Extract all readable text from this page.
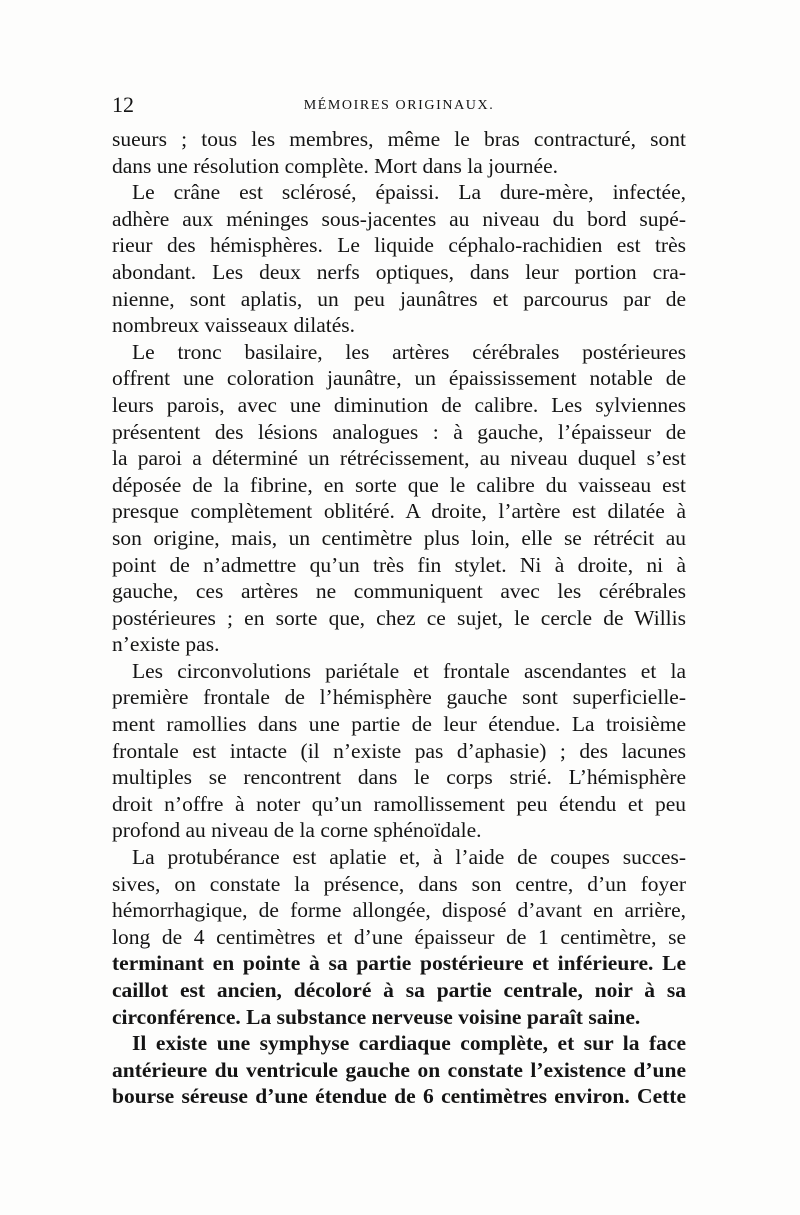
12	MÉMOIRES ORIGINAUX.
sueurs ; tous les membres, même le bras contracturé, sont
dans une résolution complète. Mort dans la journée.
Le crâne est sclérosé, épaissi. La dure-mère, infectée,
adhère aux méninges sous-jacentes au niveau du bord supé-
rieur des hémisphères. Le liquide céphalo-rachidien est très
abondant. Les deux nerfs optiques, dans leur portion cra-
nienne, sont aplatis, un peu jaunâtres et parcourus par de
nombreux vaisseaux dilatés.
Le tronc basilaire, les artères cérébrales postérieures
offrent une coloration jaunâtre, un épaississement notable de
leurs parois, avec une diminution de calibre. Les sylviennes
présentent des lésions analogues : à gauche, l’épaisseur de
la paroi a déterminé un rétrécissement, au niveau duquel s’est
déposée de la fibrine, en sorte que le calibre du vaisseau est
presque complètement oblitéré. A droite, l’artère est dilatée à
son origine, mais, un centimètre plus loin, elle se rétrécit au
point de n’admettre qu’un très fin stylet. Ni à droite, ni à
gauche, ces artères ne communiquent avec les cérébrales
postérieures ; en sorte que, chez ce sujet, le cercle de Willis
n’existe pas.
Les circonvolutions pariétale et frontale ascendantes et la
première frontale de l’hémisphère gauche sont superficielle-
ment ramollies dans une partie de leur étendue. La troisième
frontale est intacte (il n’existe pas d’aphasie) ; des lacunes
multiples se rencontrent dans le corps strié. L’hémisphère
droit n’offre à noter qu’un ramollissement peu étendu et peu
profond au niveau de la corne sphénoïdale.
La protubérance est aplatie et, à l’aide de coupes succes-
sives, on constate la présence, dans son centre, d’un foyer
hémorrhagique, de forme allongée, disposé d’avant en arrière,
long de 4 centimètres et d’une épaisseur de 1 centimètre, se
terminant en pointe à sa partie postérieure et inférieure. Le
caillot est ancien, décoloré à sa partie centrale, noir à sa
circonférence. La substance nerveuse voisine paraît saine.
Il existe une symphyse cardiaque complète, et sur la face
antérieure du ventricule gauche on constate l’existence d’une
bourse séreuse d’une étendue de 6 centimètres environ. Cette
